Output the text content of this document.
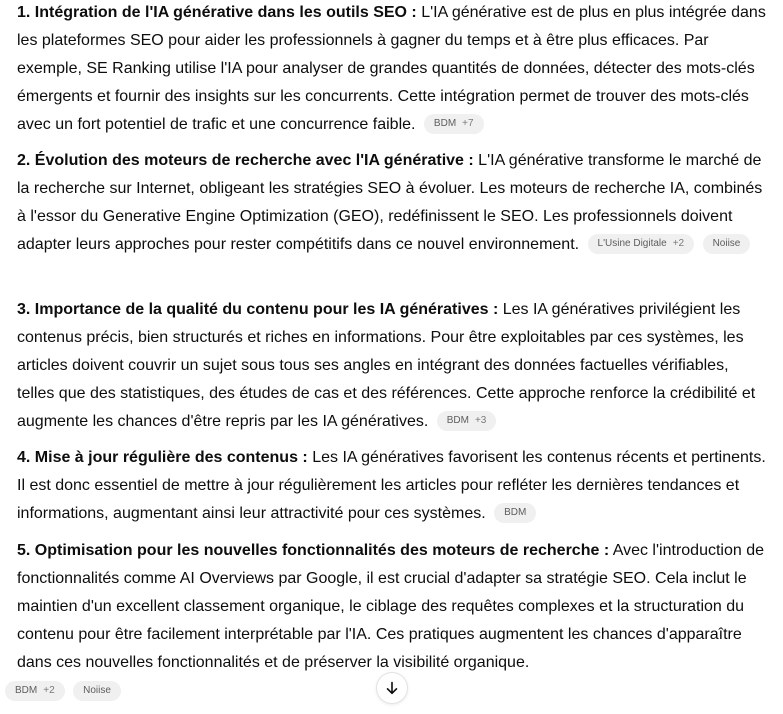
1. Intégration de l'IA générative dans les outils SEO : L'IA générative est de plus en plus intégrée dans les plateformes SEO pour aider les professionnels à gagner du temps et à être plus efficaces. Par exemple, SE Ranking utilise l'IA pour analyser de grandes quantités de données, détecter des mots-clés émergents et fournir des insights sur les concurrents. Cette intégration permet de trouver des mots-clés avec un fort potentiel de trafic et une concurrence faible. BDM +7

2. Évolution des moteurs de recherche avec l'IA générative : L'IA générative transforme le marché de la recherche sur Internet, obligeant les stratégies SEO à évoluer. Les moteurs de recherche IA, combinés à l'essor du Generative Engine Optimization (GEO), redéfinissent le SEO. Les professionnels doivent adapter leurs approches pour rester compétitifs dans ce nouvel environnement. L'Usine Digitale +2	Noiise

3. Importance de la qualité du contenu pour les IA génératives : Les IA génératives privilégient les contenus précis, bien structurés et riches en informations. Pour être exploitables par ces systèmes, les articles doivent couvrir un sujet sous tous ses angles en intégrant des données factuelles vérifiables, telles que des statistiques, des études de cas et des références. Cette approche renforce la crédibilité et augmente les chances d'être repris par les IA génératives. BDM +3

4. Mise à jour régulière des contenus : Les IA génératives favorisent les contenus récents et pertinents. Il est donc essentiel de mettre à jour régulièrement les articles pour refléter les dernières tendances et informations, augmentant ainsi leur attractivité pour ces systèmes. BDM

5. Optimisation pour les nouvelles fonctionnalités des moteurs de recherche : Avec l'introduction de fonctionnalités comme AI Overviews par Google, il est crucial d'adapter sa stratégie SEO. Cela inclut le maintien d'un excellent classement organique, le ciblage des requêtes complexes et la structuration du contenu pour être facilement interprétable par l'IA. Ces pratiques augmentent les chances d'apparaître dans ces nouvelles fonctionnalités et de préserver la visibilité organique.

BDM +2	Noiise
